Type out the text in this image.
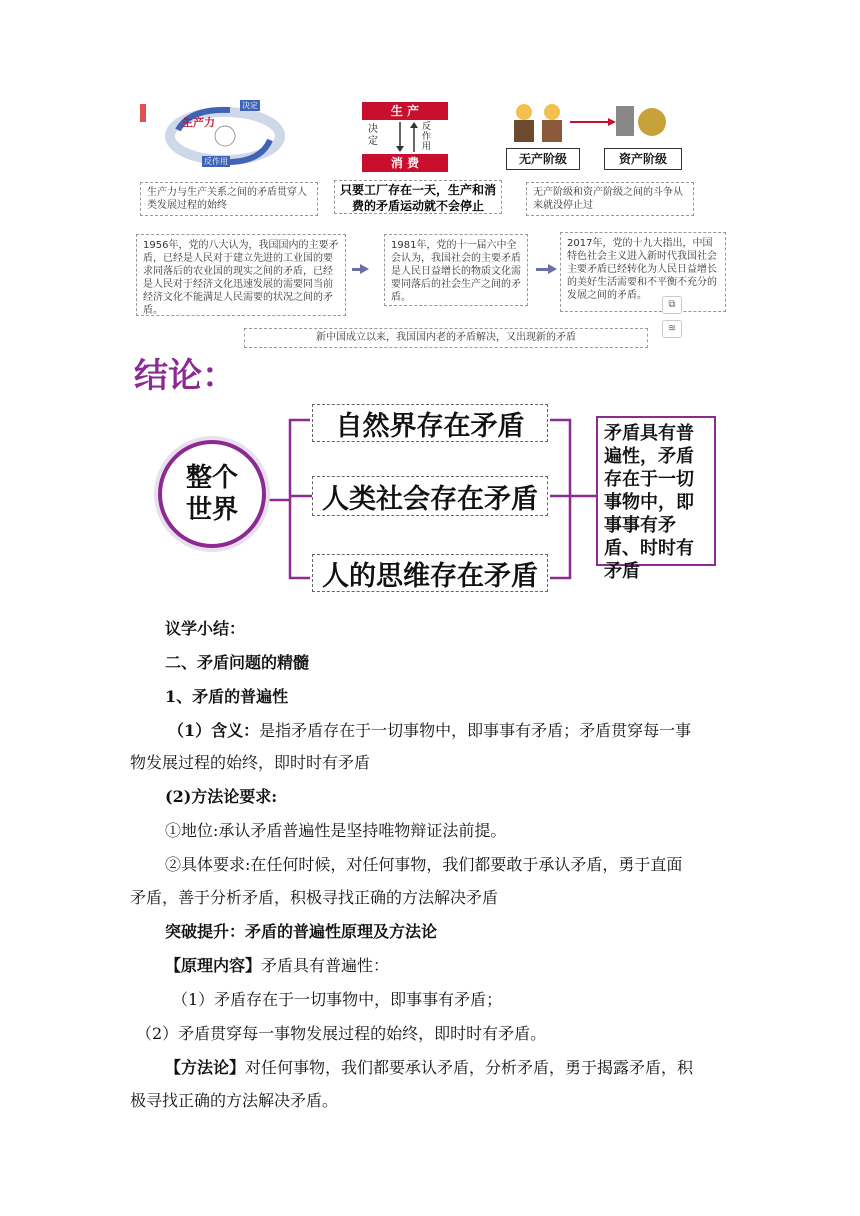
生产力
决定
反作用
生产力与生产关系之间的矛盾贯穿人类发展过程的始终
生 产
决定
反作用
消 费
只要工厂存在一天，生产和消费的矛盾运动就不会停止
无产阶级	资产阶级
无产阶级和资产阶级之间的斗争从来就没停止过
1956年，党的八大认为，我国国内的主要矛盾，已经是人民对于建立先进的工业国的要求同落后的农业国的现实之间的矛盾，已经是人民对于经济文化迅速发展的需要同当前经济文化不能满足人民需要的状况之间的矛盾。
1981年，党的十一届六中全会认为，我国社会的主要矛盾是人民日益增长的物质文化需要同落后的社会生产之间的矛盾。
2017年，党的十九大指出，中国特色社会主义进入新时代我国社会主要矛盾已经转化为人民日益增长的美好生活需要和不平衡不充分的发展之间的矛盾。
⧉
≋
新中国成立以来，我国国内老的矛盾解决，又出现新的矛盾
结论：
整个世界
自然界存在矛盾
人类社会存在矛盾
人的思维存在矛盾
矛盾具有普遍性，矛盾存在于一切事物中，即事事有矛盾、时时有矛盾
议学小结：
二、矛盾问题的精髓
1、矛盾的普遍性
（1）含义：是指矛盾存在于一切事物中，即事事有矛盾；矛盾贯穿每一事
物发展过程的始终，即时时有矛盾
(2)方法论要求:
①地位:承认矛盾普遍性是坚持唯物辩证法前提。
②具体要求:在任何时候，对任何事物，我们都要敢于承认矛盾，勇于直面
矛盾，善于分析矛盾，积极寻找正确的方法解决矛盾
突破提升：矛盾的普遍性原理及方法论
【原理内容】矛盾具有普遍性：
（1）矛盾存在于一切事物中，即事事有矛盾；
（2）矛盾贯穿每一事物发展过程的始终，即时时有矛盾。
【方法论】对任何事物，我们都要承认矛盾，分析矛盾，勇于揭露矛盾，积
极寻找正确的方法解决矛盾。
